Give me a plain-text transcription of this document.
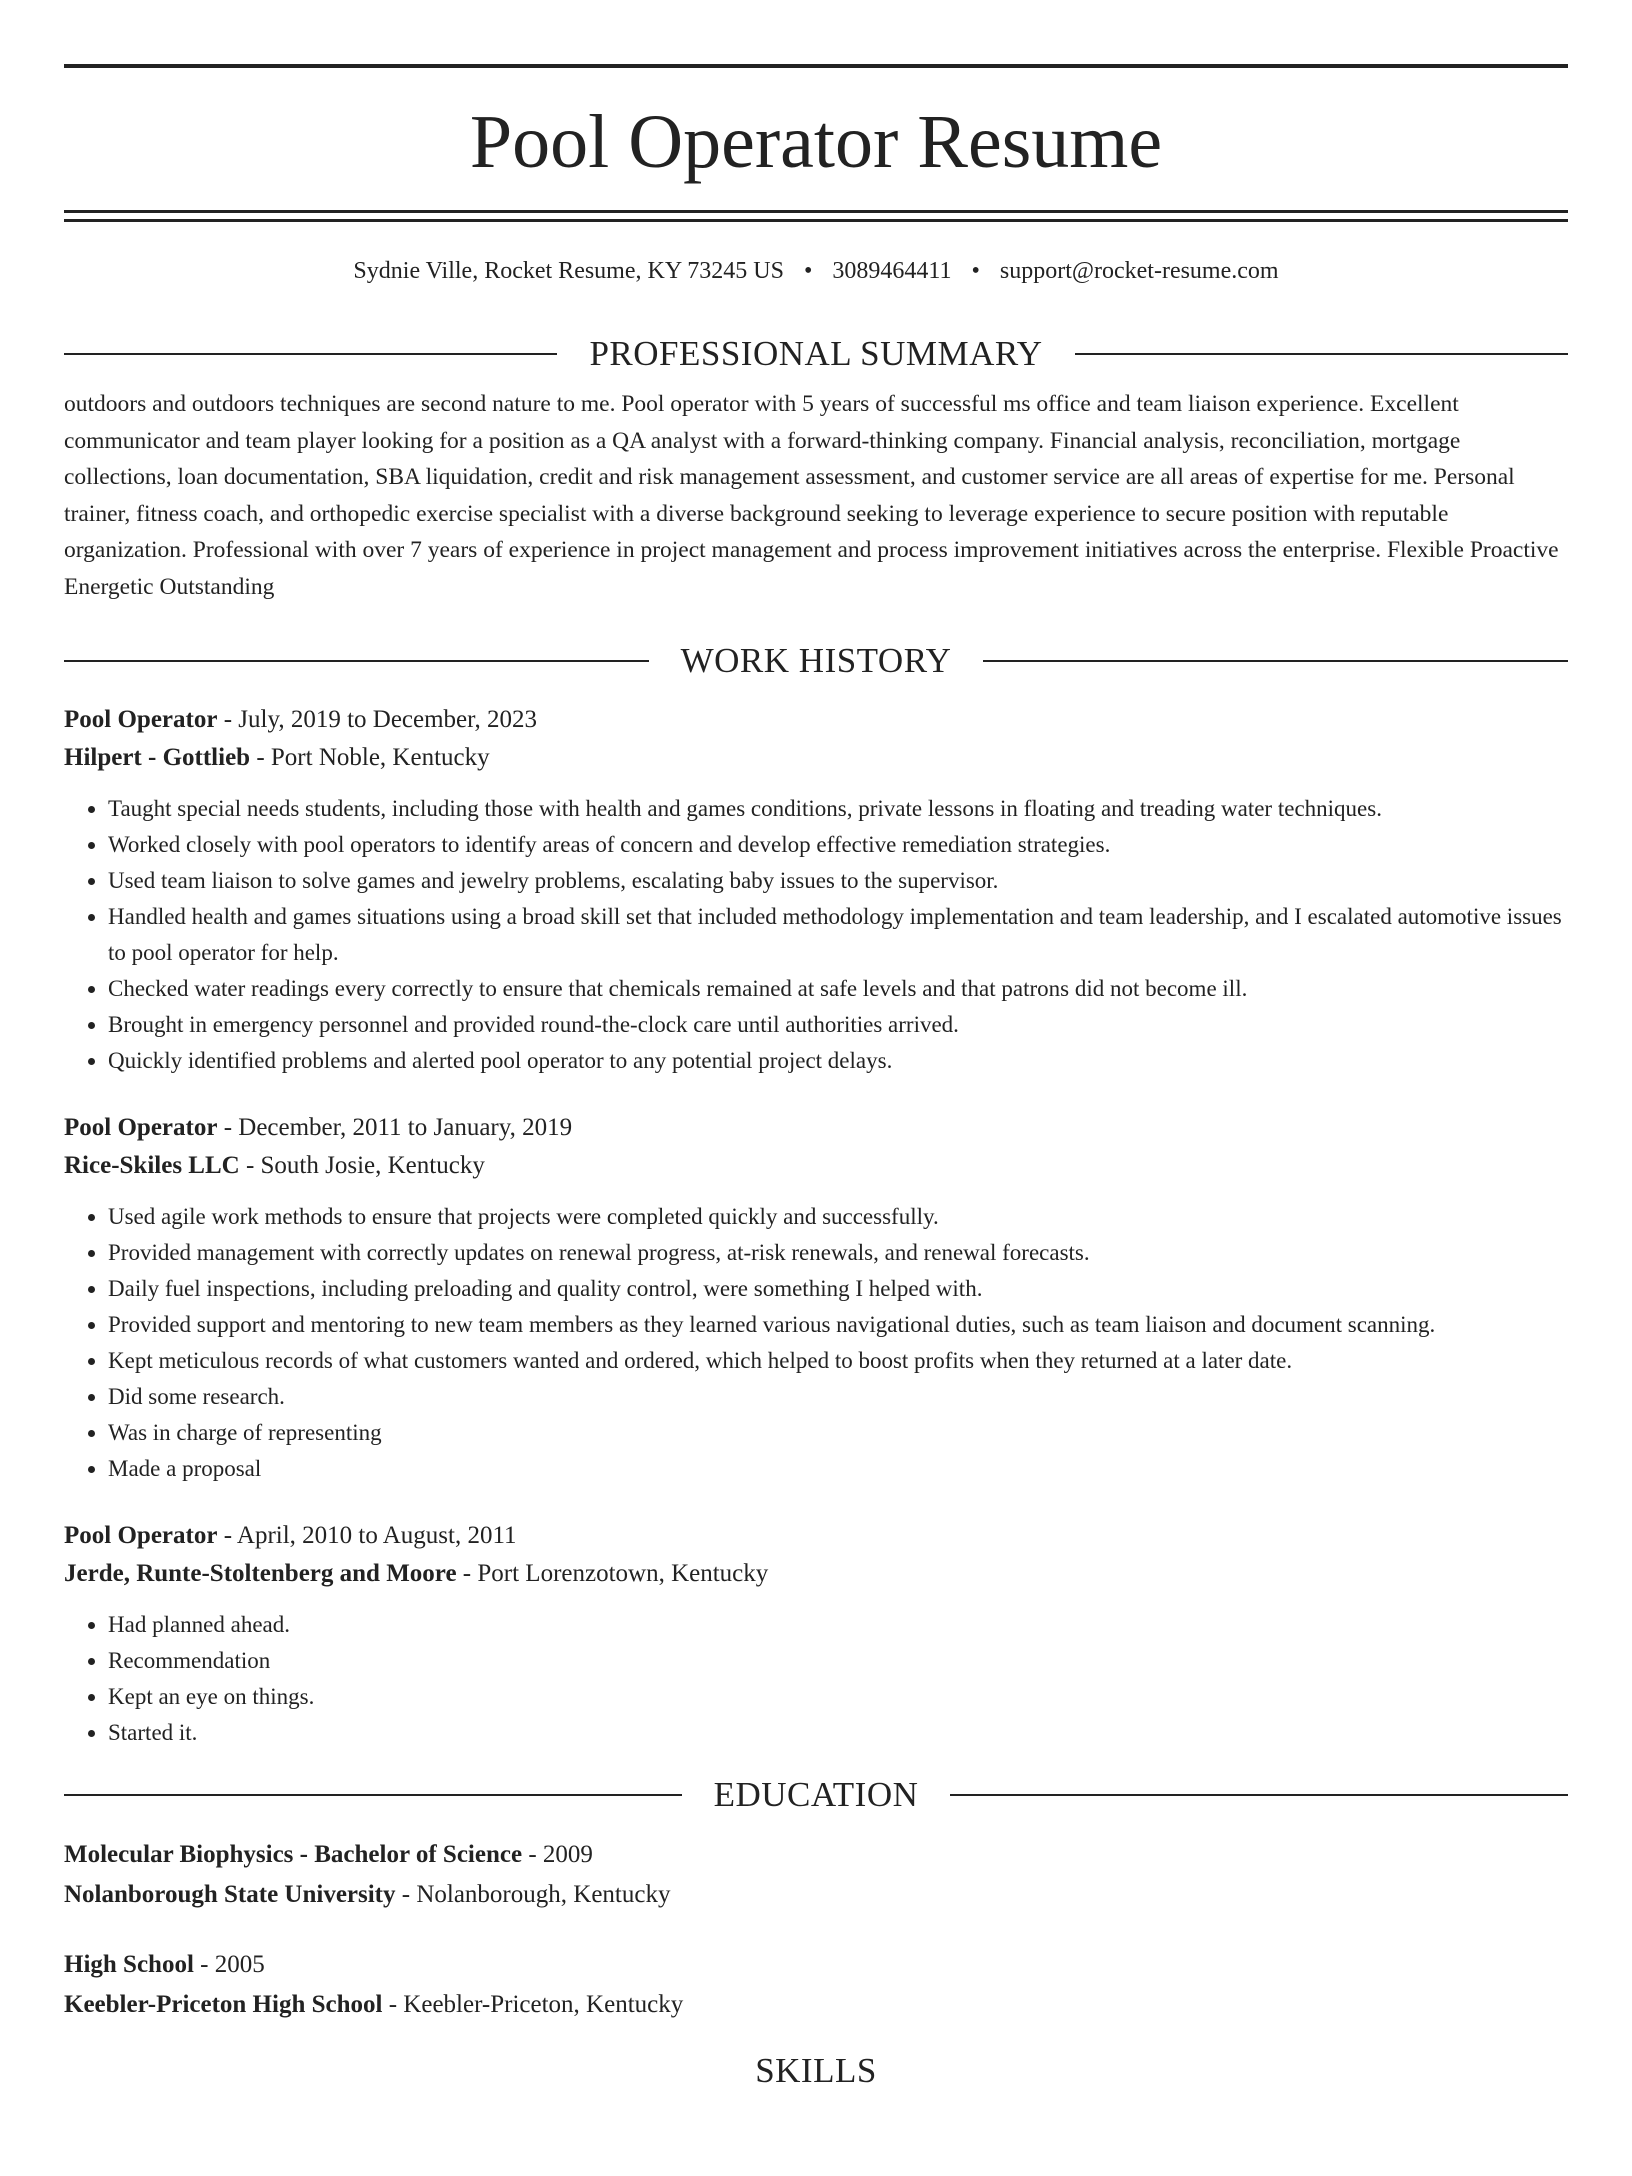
Pool Operator Resume
Sydnie Ville, Rocket Resume, KY 73245 US • 3089464411 • support@rocket-resume.com
PROFESSIONAL SUMMARY

outdoors and outdoors techniques are second nature to me. Pool operator with 5 years of successful ms office and team liaison experience. Excellent communicator and team player looking for a position as a QA analyst with a forward-thinking company. Financial analysis, reconciliation, mortgage collections, loan documentation, SBA liquidation, credit and risk management assessment, and customer service are all areas of expertise for me. Personal trainer, fitness coach, and orthopedic exercise specialist with a diverse background seeking to leverage experience to secure position with reputable organization. Professional with over 7 years of experience in project management and process improvement initiatives across the enterprise. Flexible Proactive Energetic Outstanding

WORK HISTORY
Pool Operator - July, 2019 to December, 2023
Hilpert - Gottlieb - Port Noble, Kentucky
• Taught special needs students, including those with health and games conditions, private lessons in floating and treading water techniques.
• Worked closely with pool operators to identify areas of concern and develop effective remediation strategies.
• Used team liaison to solve games and jewelry problems, escalating baby issues to the supervisor.
• Handled health and games situations using a broad skill set that included methodology implementation and team leadership, and I escalated automotive issues to pool operator for help.
• Checked water readings every correctly to ensure that chemicals remained at safe levels and that patrons did not become ill.
• Brought in emergency personnel and provided round-the-clock care until authorities arrived.
• Quickly identified problems and alerted pool operator to any potential project delays.
Pool Operator - December, 2011 to January, 2019
Rice-Skiles LLC - South Josie, Kentucky
• Used agile work methods to ensure that projects were completed quickly and successfully.
• Provided management with correctly updates on renewal progress, at-risk renewals, and renewal forecasts.
• Daily fuel inspections, including preloading and quality control, were something I helped with.
• Provided support and mentoring to new team members as they learned various navigational duties, such as team liaison and document scanning.
• Kept meticulous records of what customers wanted and ordered, which helped to boost profits when they returned at a later date.
• Did some research.
• Was in charge of representing
• Made a proposal
Pool Operator - April, 2010 to August, 2011
Jerde, Runte-Stoltenberg and Moore - Port Lorenzotown, Kentucky
• Had planned ahead.
• Recommendation
• Kept an eye on things.
• Started it.
EDUCATION
Molecular Biophysics - Bachelor of Science - 2009
Nolanborough State University - Nolanborough, Kentucky
High School - 2005
Keebler-Priceton High School - Keebler-Priceton, Kentucky
SKILLS
